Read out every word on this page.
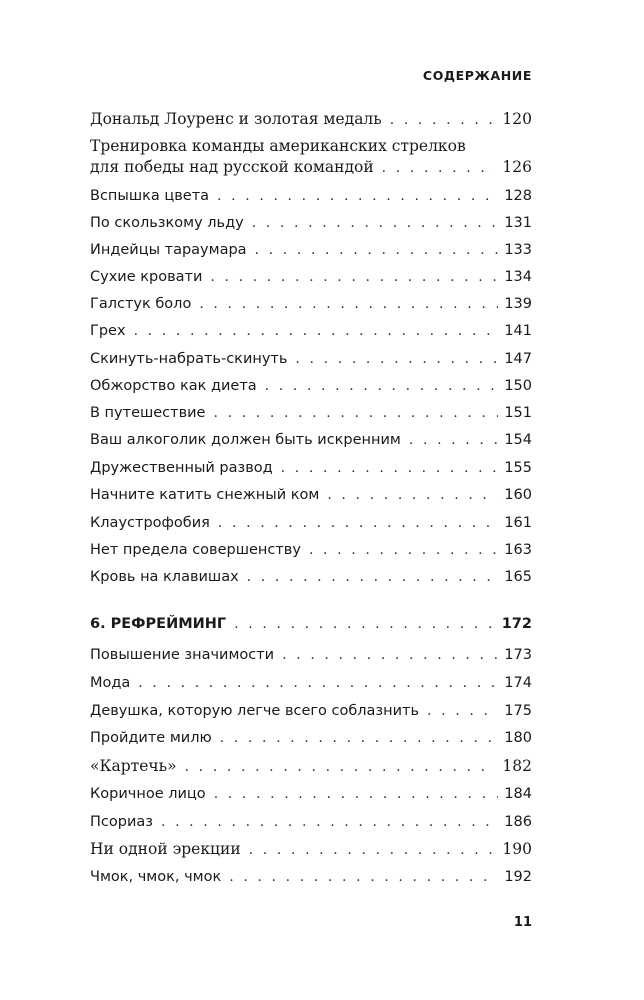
СОДЕРЖАНИЕ
Дональд Лоуренс и золотая медаль . . .	120
Тренировка команды американских стрелков
для победы над русской командой . . .	126
Вспышка цвета . . .	128
По скользкому льду . . .	131
Индейцы тараумара . . .	133
Сухие кровати . . .	134
Галстук боло . . .	139
Грех . . .	141
Скинуть-набрать-скинуть . . .	147
Обжорство как диета . . .	150
В путешествие . . .	151
Ваш алкоголик должен быть искренним . . .	154
Дружественный развод . . .	155
Начните катить снежный ком . . .	160
Клаустрофобия . . .	161
Нет предела совершенству . . .	163
Кровь на клавишах . . .	165
6. РЕФРЕЙМИНГ . . .	172
Повышение значимости . . .	173
Мода . . .	174
Девушка, которую легче всего соблазнить . . .	175
Пройдите милю . . .	180
«Картечь» . . .	182
Коричное лицо . . .	184
Псориаз . . .	186
Ни одной эрекции . . .	190
Чмок, чмок, чмок . . .	192
11
